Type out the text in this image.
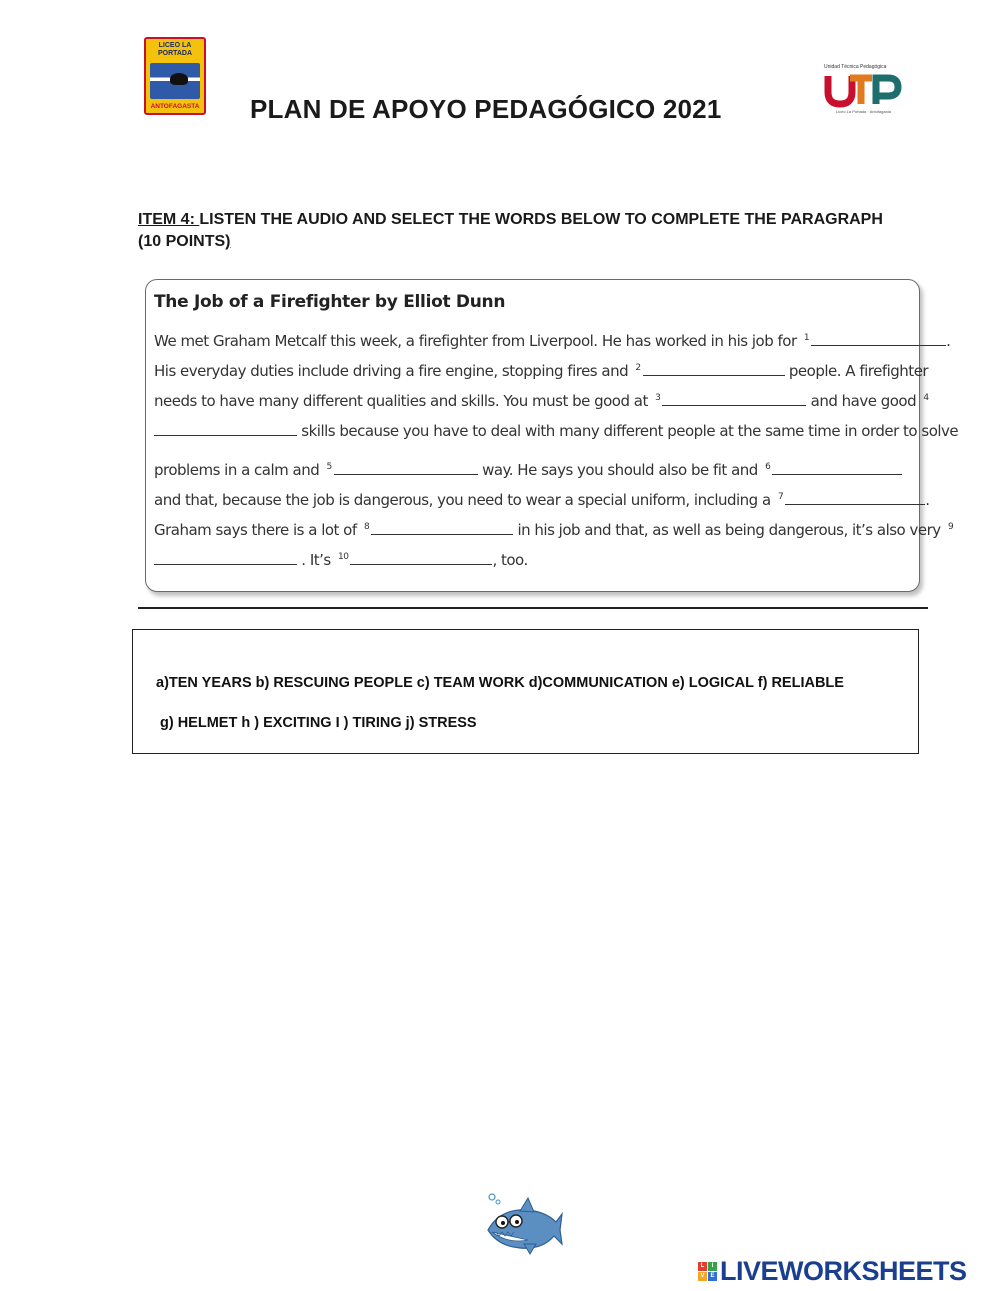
LICEO LA PORTADA
ANTOFAGASTA PLAN DE APOYO PEDAGÓGICO 2021
Unidad Técnica Pedagógica
Liceo La Portada · Antofagasta
ITEM 4: LISTEN THE AUDIO AND SELECT THE WORDS BELOW TO COMPLETE THE PARAGRAPH (10 POINTS)
The Job of a Firefighter by Elliot Dunn
We met Graham Metcalf this week, a firefighter from Liverpool. He has worked in his job for $^1$	.
His everyday duties include driving a fire engine, stopping fires and $^2$	people. A firefighter
needs to have many different qualities and skills. You must be good at $^3$	and have good $^4$
skills because you have to deal with many different people at the same time in order to solve
problems in a calm and $^5$	way. He says you should also be fit and $^6$
and that, because the job is dangerous, you need to wear a special uniform, including a $^7$	.
Graham says there is a lot of $^8$	in his job and that, as well as being dangerous, it’s also very $^9$
. It’s $^{10}$	, too.
a)TEN YEARS b) RESCUING PEOPLE c) TEAM WORK d)COMMUNICATION e) LOGICAL f) RELIABLE
g) HELMET h ) EXCITING I ) TIRING j) STRESS
L	I
V E LIVEWORKSHEETS
